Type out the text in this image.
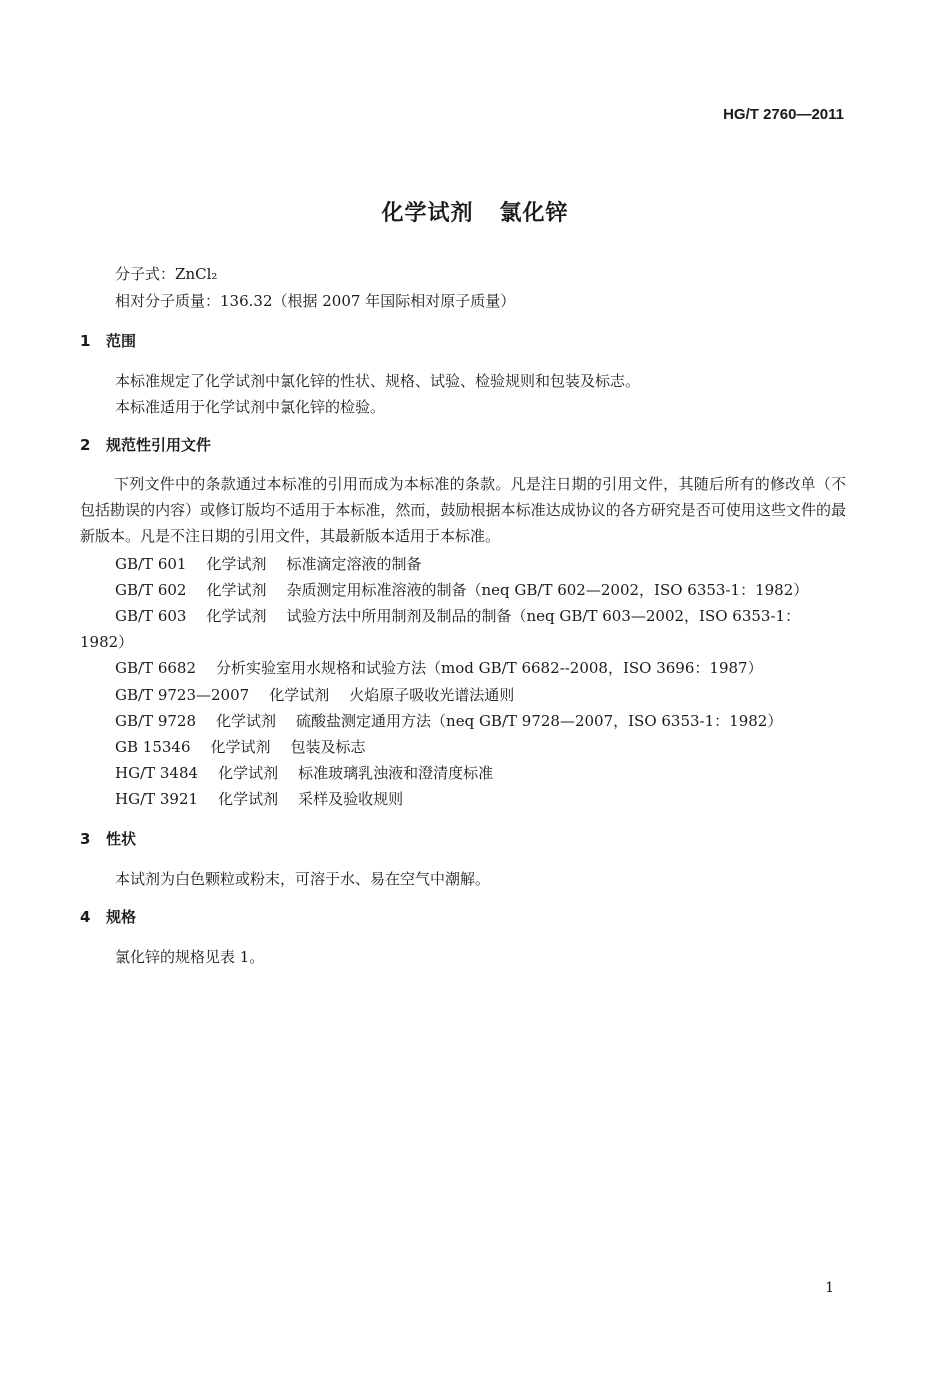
HG/T 2760—2011
化学试剂 氯化锌
分子式：ZnCl₂
相对分子质量：136.32（根据 2007 年国际相对原子质量）
1 范围
本标准规定了化学试剂中氯化锌的性状、规格、试验、检验规则和包装及标志。
本标准适用于化学试剂中氯化锌的检验。
2 规范性引用文件
下列文件中的条款通过本标准的引用而成为本标准的条款。凡是注日期的引用文件，其随后所有的修改单（不包括勘误的内容）或修订版均不适用于本标准，然而，鼓励根据本标准达成协议的各方研究是否可使用这些文件的最新版本。凡是不注日期的引用文件，其最新版本适用于本标准。
GB/T 601 化学试剂 标准滴定溶液的制备
GB/T 602 化学试剂 杂质测定用标准溶液的制备（neq GB/T 602—2002，ISO 6353-1：1982）
GB/T 603 化学试剂 试验方法中所用制剂及制品的制备（neq GB/T 603—2002，ISO 6353-1：
1982）
GB/T 6682 分析实验室用水规格和试验方法（mod GB/T 6682--2008，ISO 3696：1987）
GB/T 9723—2007 化学试剂 火焰原子吸收光谱法通则
GB/T 9728 化学试剂 硫酸盐测定通用方法（neq GB/T 9728—2007，ISO 6353-1：1982）
GB 15346 化学试剂 包装及标志
HG/T 3484 化学试剂 标准玻璃乳浊液和澄清度标准
HG/T 3921 化学试剂 采样及验收规则
3 性状
本试剂为白色颗粒或粉末，可溶于水、易在空气中潮解。
4 规格
氯化锌的规格见表 1。
1
